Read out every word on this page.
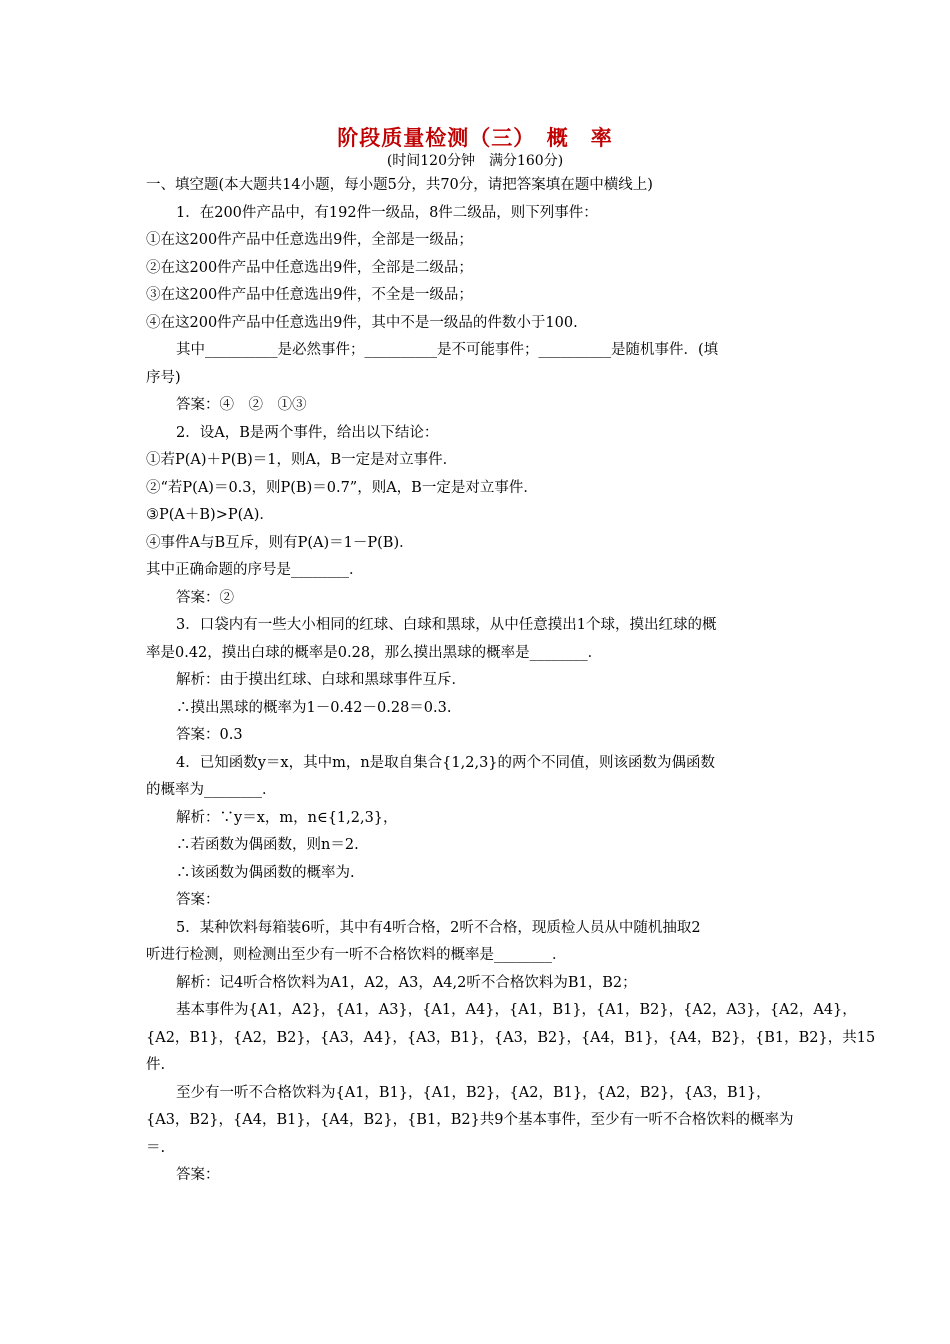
阶段质量检测（三）　概　率
(时间120分钟　满分160分)
一、填空题(本大题共14小题，每小题5分，共70分，请把答案填在题中横线上)
1．在200件产品中，有192件一级品，8件二级品，则下列事件：
①在这200件产品中任意选出9件，全部是一级品；
②在这200件产品中任意选出9件，全部是二级品；
③在这200件产品中任意选出9件，不全是一级品；
④在这200件产品中任意选出9件，其中不是一级品的件数小于100.
其中__________是必然事件；__________是不可能事件；__________是随机事件．(填
序号)
答案：④　②　①③
2．设A，B是两个事件，给出以下结论：
①若P(A)＋P(B)＝1，则A，B一定是对立事件．
②“若P(A)＝0.3，则P(B)＝0.7”，则A，B一定是对立事件．
③P(A＋B)>P(A)．
④事件A与B互斥，则有P(A)＝1－P(B)．
其中正确命题的序号是________．
答案：②
3．口袋内有一些大小相同的红球、白球和黑球，从中任意摸出1个球，摸出红球的概
率是0.42，摸出白球的概率是0.28，那么摸出黑球的概率是________．
解析：由于摸出红球、白球和黑球事件互斥．
∴摸出黑球的概率为1－0.42－0.28＝0.3.
答案：0.3
4．已知函数y＝x，其中m，n是取自集合{1,2,3}的两个不同值，则该函数为偶函数
的概率为________．
解析：∵y＝x，m，n∈{1,2,3}，
∴若函数为偶函数，则n＝2.
∴该函数为偶函数的概率为.
答案：
5．某种饮料每箱装6听，其中有4听合格，2听不合格，现质检人员从中随机抽取2
听进行检测，则检测出至少有一听不合格饮料的概率是________．
解析：记4听合格饮料为A1，A2，A3，A4,2听不合格饮料为B1，B2；
基本事件为{A1，A2}，{A1，A3}，{A1，A4}，{A1，B1}，{A1，B2}，{A2，A3}，{A2，A4}，
{A2，B1}，{A2，B2}，{A3，A4}，{A3，B1}，{A3，B2}，{A4，B1}，{A4，B2}，{B1，B2}，共15
件.
至少有一听不合格饮料为{A1，B1}，{A1，B2}，{A2，B1}，{A2，B2}，{A3，B1}，
{A3，B2}，{A4，B1}，{A4，B2}，{B1，B2}共9个基本事件，至少有一听不合格饮料的概率为
＝.
答案：
